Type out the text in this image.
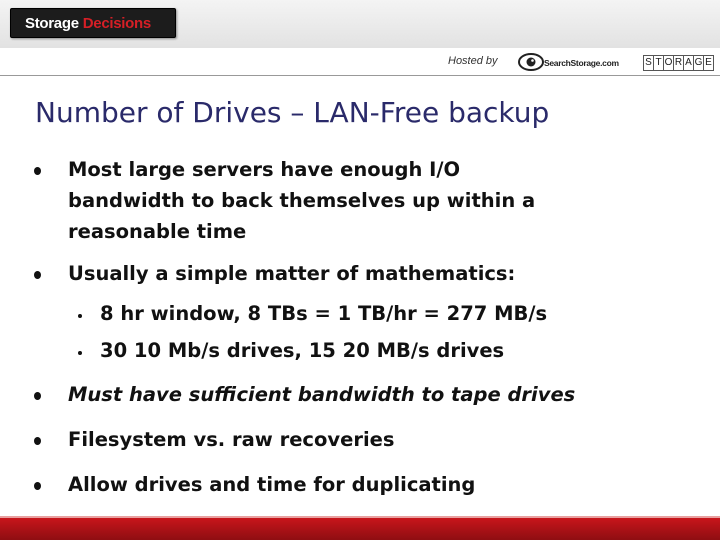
Storage Decisions
Hosted by	SearchStorage.com	S T O R A G E
Number of Drives – LAN-Free backup
Most large servers have enough I/O
bandwidth to back themselves up within a
reasonable time
Usually a simple matter of mathematics:
8 hr window, 8 TBs = 1 TB/hr = 277 MB/s
30 10 Mb/s drives, 15 20 MB/s drives
Must have sufficient bandwidth to tape drives
Filesystem vs. raw recoveries
Allow drives and time for duplicating
